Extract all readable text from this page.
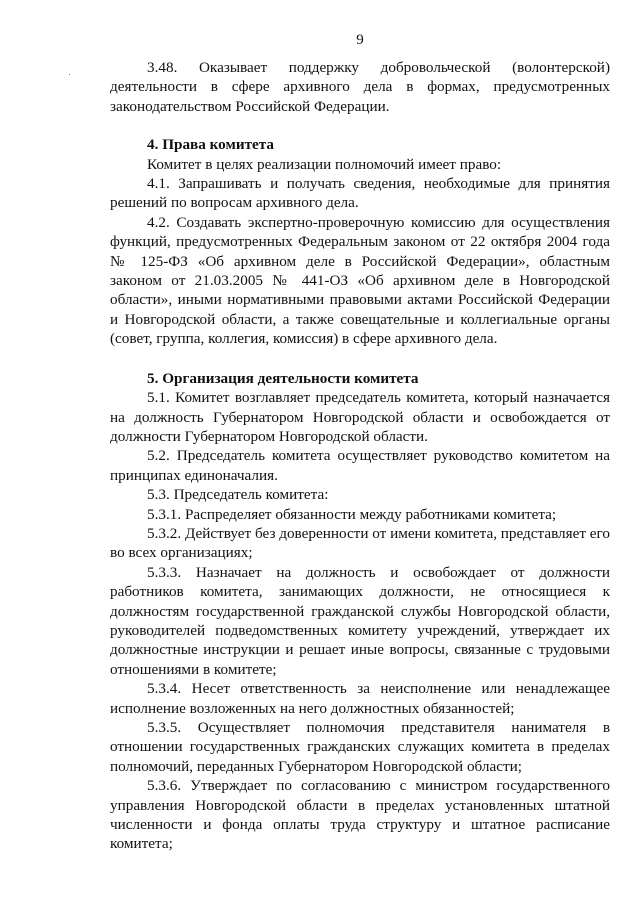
9

3.48. Оказывает поддержку добровольческой (волонтерской) деятельности в сфере архивного дела в формах, предусмотренных законодательством Российской Федерации.

4. Права комитета

Комитет в целях реализации полномочий имеет право:

4.1. Запрашивать и получать сведения, необходимые для принятия решений по вопросам архивного дела.

4.2. Создавать экспертно-проверочную комиссию для осуществления функций, предусмотренных Федеральным законом от 22 октября 2004 года № 125-ФЗ «Об архивном деле в Российской Федерации», областным законом от 21.03.2005 № 441-ОЗ «Об архивном деле в Новгородской области», иными нормативными правовыми актами Российской Федерации и Новгородской области, а также совещательные и коллегиальные органы (совет, группа, коллегия, комиссия) в сфере архивного дела.

5. Организация деятельности комитета

5.1. Комитет возглавляет председатель комитета, который назначается на должность Губернатором Новгородской области и освобождается от должности Губернатором Новгородской области.

5.2. Председатель комитета осуществляет руководство комитетом на принципах единоначалия.

5.3. Председатель комитета:

5.3.1. Распределяет обязанности между работниками комитета;

5.3.2. Действует без доверенности от имени комитета, представляет его во всех организациях;

5.3.3. Назначает на должность и освобождает от должности работников комитета, занимающих должности, не относящиеся к должностям государственной гражданской службы Новгородской области, руководителей подведомственных комитету учреждений, утверждает их должностные инструкции и решает иные вопросы, связанные с трудовыми отношениями в комитете;

5.3.4. Несет ответственность за неисполнение или ненадлежащее исполнение возложенных на него должностных обязанностей;

5.3.5. Осуществляет полномочия представителя нанимателя в отношении государственных гражданских служащих комитета в пределах полномочий, переданных Губернатором Новгородской области;

5.3.6. Утверждает по согласованию с министром государственного управления Новгородской области в пределах установленных штатной численности и фонда оплаты труда структуру и штатное расписание комитета;
